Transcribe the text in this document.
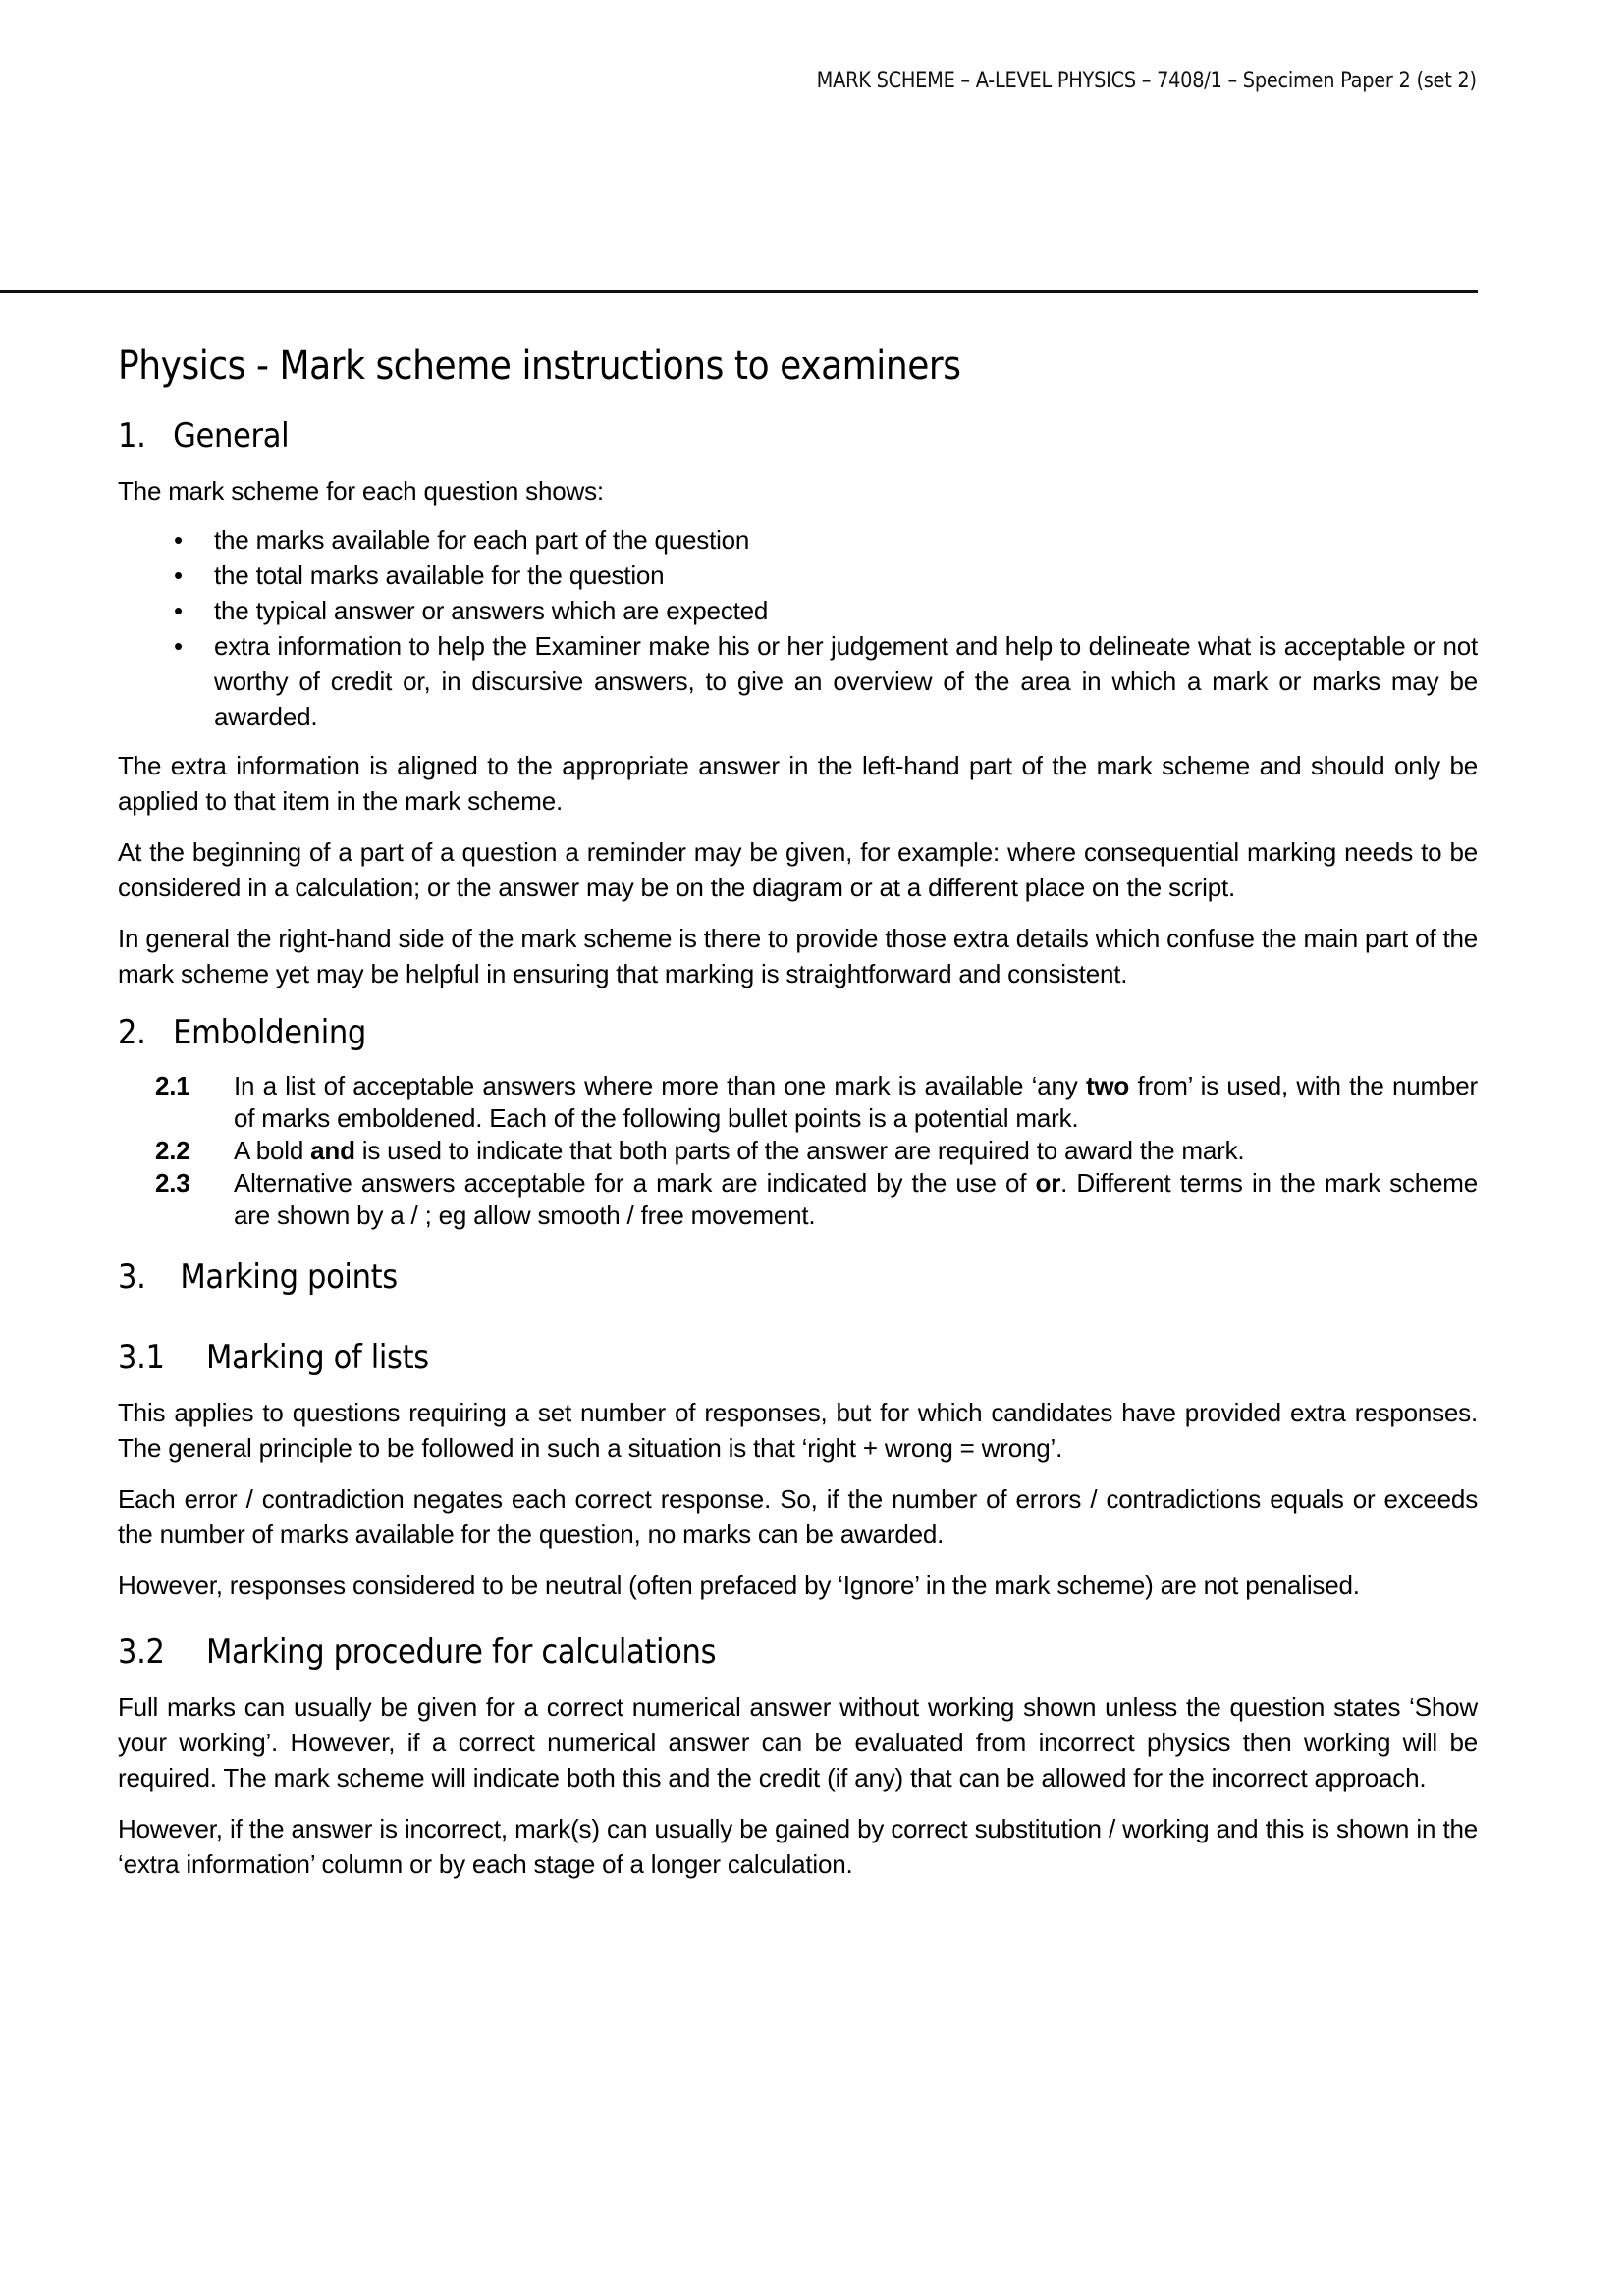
MARK SCHEME – A-LEVEL PHYSICS – 7408/1 – Specimen Paper 2 (set 2)
Physics - Mark scheme instructions to examiners
1. General

The mark scheme for each question shows:

• the marks available for each part of the question
• the total marks available for the question
• the typical answer or answers which are expected
• extra information to help the Examiner make his or her judgement and help to delineate what is acceptable or not worthy of credit or, in discursive answers, to give an overview of the area in which a mark or marks may be awarded.

The extra information is aligned to the appropriate answer in the left-hand part of the mark scheme and should only be applied to that item in the mark scheme.

At the beginning of a part of a question a reminder may be given, for example: where consequential marking needs to be considered in a calculation; or the answer may be on the diagram or at a different place on the script.

In general the right-hand side of the mark scheme is there to provide those extra details which confuse the main part of the mark scheme yet may be helpful in ensuring that marking is straightforward and consistent.

2. Emboldening
2.1	In a list of acceptable answers where more than one mark is available ‘any two from’ is used, with the number of marks emboldened. Each of the following bullet points is a potential mark.
2.2	A bold and is used to indicate that both parts of the answer are required to award the mark.
2.3	Alternative answers acceptable for a mark are indicated by the use of or. Different terms in the mark scheme are shown by a / ; eg allow smooth / free movement.
3. Marking points
3.1 Marking of lists

This applies to questions requiring a set number of responses, but for which candidates have provided extra responses. The general principle to be followed in such a situation is that ‘right + wrong = wrong’.

Each error / contradiction negates each correct response. So, if the number of errors / contradictions equals or exceeds the number of marks available for the question, no marks can be awarded.

However, responses considered to be neutral (often prefaced by ‘Ignore’ in the mark scheme) are not penalised.

3.2 Marking procedure for calculations

Full marks can usually be given for a correct numerical answer without working shown unless the question states ‘Show your working’. However, if a correct numerical answer can be evaluated from incorrect physics then working will be required. The mark scheme will indicate both this and the credit (if any) that can be allowed for the incorrect approach.

However, if the answer is incorrect, mark(s) can usually be gained by correct substitution / working and this is shown in the ‘extra information’ column or by each stage of a longer calculation.
